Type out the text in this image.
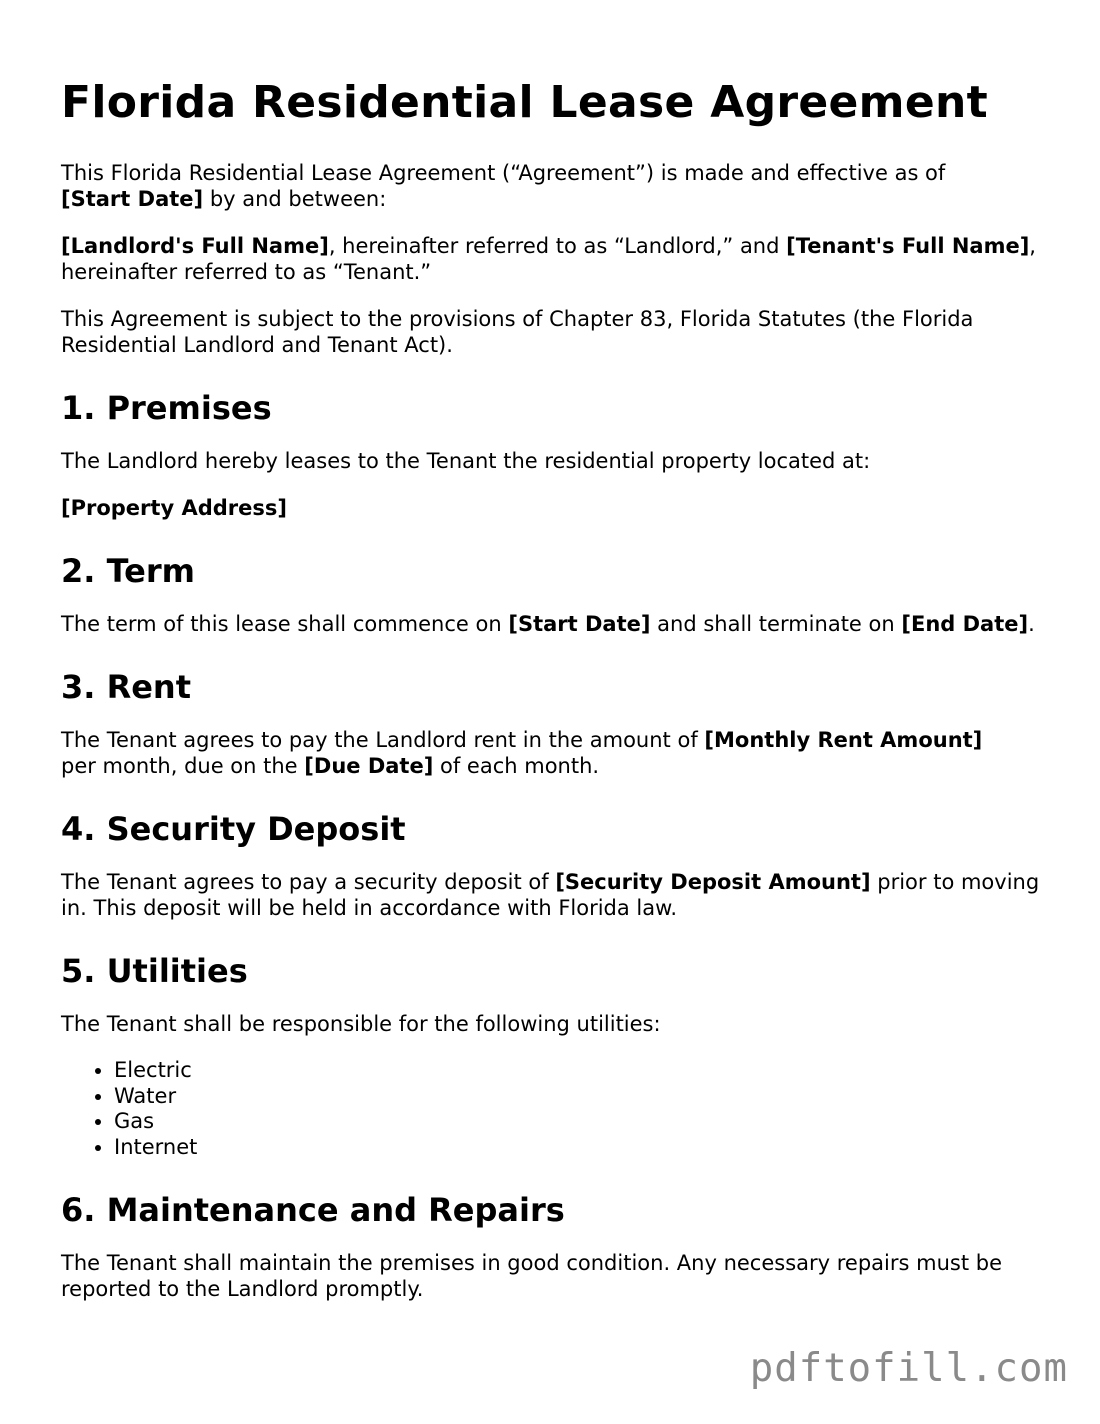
Florida Residential Lease Agreement

This Florida Residential Lease Agreement (“Agreement”) is made and effective as of
[Start Date] by and between:

[Landlord's Full Name], hereinafter referred to as “Landlord,” and [Tenant's Full Name], hereinafter referred to as “Tenant.”

This Agreement is subject to the provisions of Chapter 83, Florida Statutes (the Florida Residential Landlord and Tenant Act).

1. Premises

The Landlord hereby leases to the Tenant the residential property located at:

[Property Address]

2. Term

The term of this lease shall commence on [Start Date] and shall terminate on [End Date].

3. Rent

The Tenant agrees to pay the Landlord rent in the amount of [Monthly Rent Amount]
per month, due on the [Due Date] of each month.

4. Security Deposit

The Tenant agrees to pay a security deposit of [Security Deposit Amount] prior to moving in. This deposit will be held in accordance with Florida law.

5. Utilities

The Tenant shall be responsible for the following utilities:

• Electric
• Water
• Gas
• Internet
6. Maintenance and Repairs

The Tenant shall maintain the premises in good condition. Any necessary repairs must be reported to the Landlord promptly.

pdftofill.com
